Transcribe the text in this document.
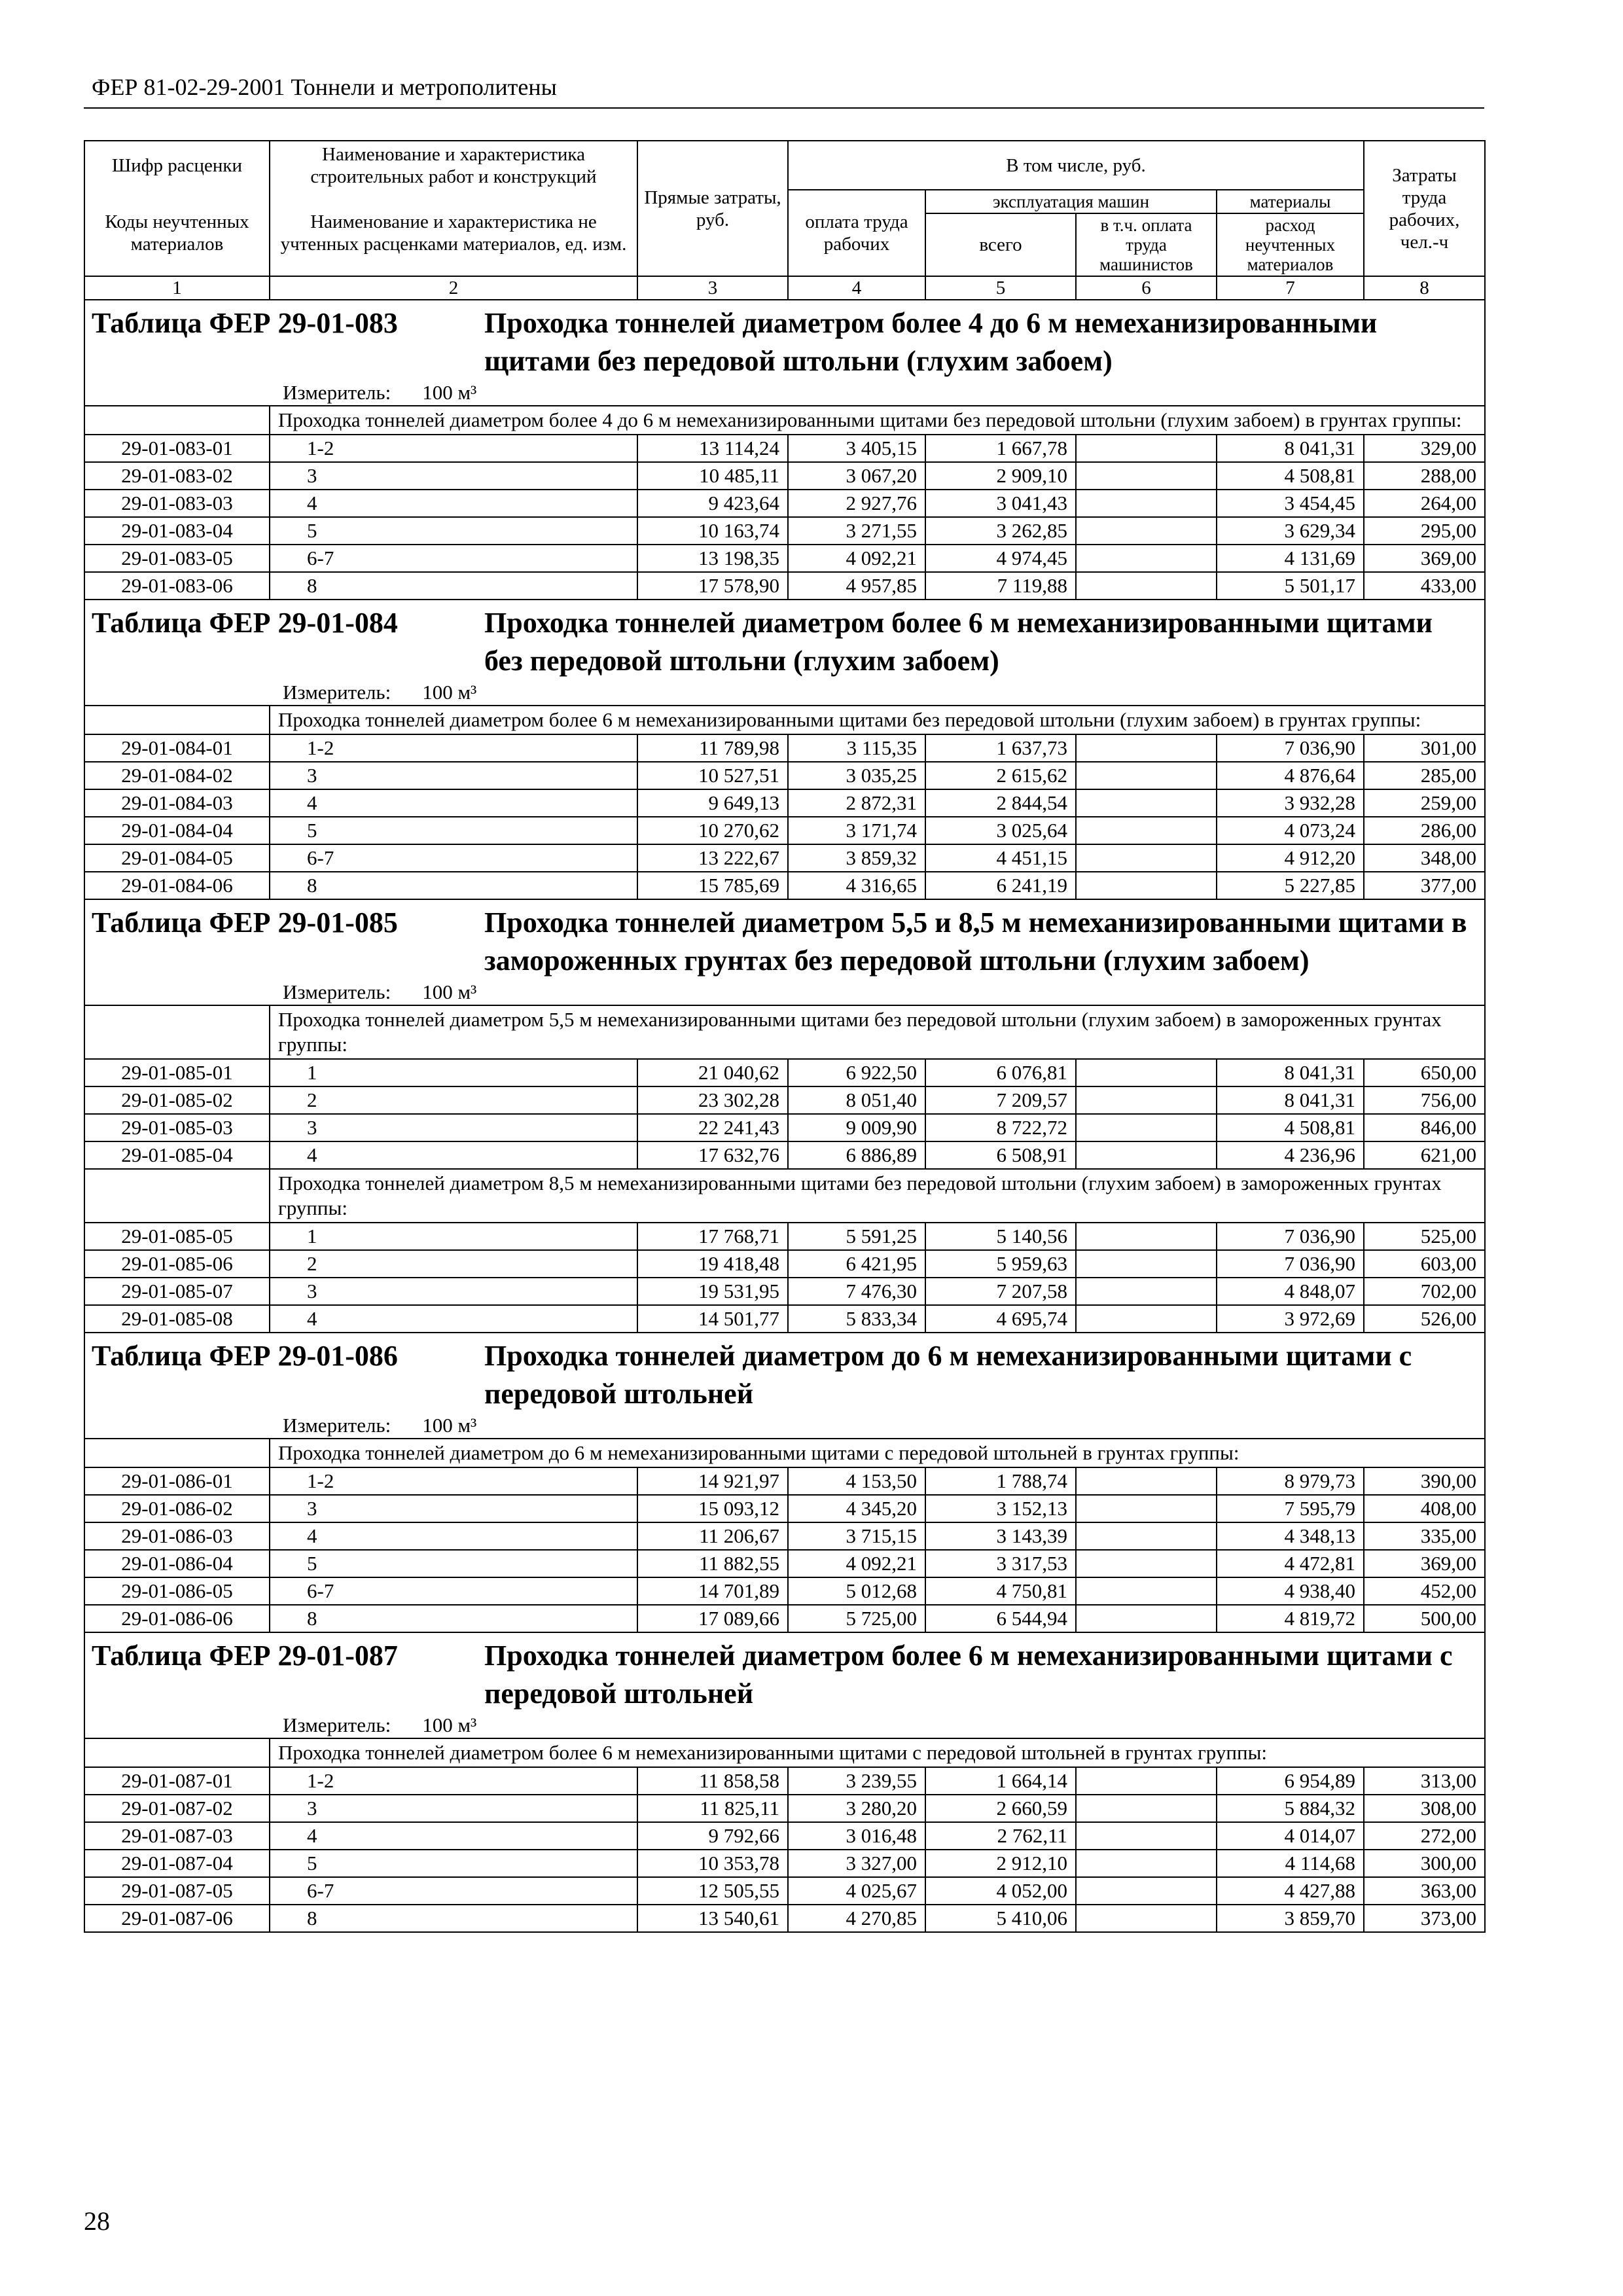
ФЕР 81-02-29-2001 Тоннели и метрополитены
Шифр расценки	Наименование и характеристика строительных работ и конструкций	Прямые затраты, руб.	В том числе, руб.				Затраты труда рабочих, чел.-ч

Коды неучтенных материалов	Наименование и характеристика не учтенных расценками материалов, ед. изм.		оплата труда рабочих	эксплуатация машин		материалы	
				всего	в т.ч. оплата труда машинистов	расход неучтенных материалов	

1	2	3	4	5	6	7	8

Таблица ФЕР 29-01-083 Проходка тоннелей диаметром более 4 до 6 м немеханизированными щитами без передовой штольни (глухим забоем)							

Измеритель: 100 м³							

	Проходка тоннелей диаметром более 4 до 6 м немеханизированными щитами без передовой штольни (глухим забоем) в грунтах группы:						
29-01-083-01	1-2	13 114,24	3 405,15	1 667,78		8 041,31	329,00
29-01-083-02	3	10 485,11	3 067,20	2 909,10		4 508,81	288,00
29-01-083-03	4	9 423,64	2 927,76	3 041,43		3 454,45	264,00
29-01-083-04	5	10 163,74	3 271,55	3 262,85		3 629,34	295,00
29-01-083-05	6-7	13 198,35	4 092,21	4 974,45		4 131,69	369,00
29-01-083-06	8	17 578,90	4 957,85	7 119,88		5 501,17	433,00

Таблица ФЕР 29-01-084 Проходка тоннелей диаметром более 6 м немеханизированными щитами без передовой штольни (глухим забоем)							

Измеритель: 100 м³							

	Проходка тоннелей диаметром более 6 м немеханизированными щитами без передовой штольни (глухим забоем) в грунтах группы:						
29-01-084-01	1-2	11 789,98	3 115,35	1 637,73		7 036,90	301,00
29-01-084-02	3	10 527,51	3 035,25	2 615,62		4 876,64	285,00
29-01-084-03	4	9 649,13	2 872,31	2 844,54		3 932,28	259,00
29-01-084-04	5	10 270,62	3 171,74	3 025,64		4 073,24	286,00
29-01-084-05	6-7	13 222,67	3 859,32	4 451,15		4 912,20	348,00
29-01-084-06	8	15 785,69	4 316,65	6 241,19		5 227,85	377,00

Таблица ФЕР 29-01-085 Проходка тоннелей диаметром 5,5 и 8,5 м немеханизированными щитами в замороженных грунтах без передовой штольни (глухим забоем)							

Измеритель: 100 м³							

	Проходка тоннелей диаметром 5,5 м немеханизированными щитами без передовой штольни (глухим забоем) в замороженных грунтах группы:						
29-01-085-01	1	21 040,62	6 922,50	6 076,81		8 041,31	650,00
29-01-085-02	2	23 302,28	8 051,40	7 209,57		8 041,31	756,00
29-01-085-03	3	22 241,43	9 009,90	8 722,72		4 508,81	846,00
29-01-085-04	4	17 632,76	6 886,89	6 508,91		4 236,96	621,00
	Проходка тоннелей диаметром 8,5 м немеханизированными щитами без передовой штольни (глухим забоем) в замороженных грунтах группы:						
29-01-085-05	1	17 768,71	5 591,25	5 140,56		7 036,90	525,00
29-01-085-06	2	19 418,48	6 421,95	5 959,63		7 036,90	603,00
29-01-085-07	3	19 531,95	7 476,30	7 207,58		4 848,07	702,00
29-01-085-08	4	14 501,77	5 833,34	4 695,74		3 972,69	526,00

Таблица ФЕР 29-01-086 Проходка тоннелей диаметром до 6 м немеханизированными щитами с передовой штольней							

Измеритель: 100 м³							

	Проходка тоннелей диаметром до 6 м немеханизированными щитами с передовой штольней в грунтах группы:						
29-01-086-01	1-2	14 921,97	4 153,50	1 788,74		8 979,73	390,00
29-01-086-02	3	15 093,12	4 345,20	3 152,13		7 595,79	408,00
29-01-086-03	4	11 206,67	3 715,15	3 143,39		4 348,13	335,00
29-01-086-04	5	11 882,55	4 092,21	3 317,53		4 472,81	369,00
29-01-086-05	6-7	14 701,89	5 012,68	4 750,81		4 938,40	452,00
29-01-086-06	8	17 089,66	5 725,00	6 544,94		4 819,72	500,00

Таблица ФЕР 29-01-087 Проходка тоннелей диаметром более 6 м немеханизированными щитами с передовой штольней							

Измеритель: 100 м³							

	Проходка тоннелей диаметром более 6 м немеханизированными щитами с передовой штольней в грунтах группы:						
29-01-087-01	1-2	11 858,58	3 239,55	1 664,14		6 954,89	313,00
29-01-087-02	3	11 825,11	3 280,20	2 660,59		5 884,32	308,00
29-01-087-03	4	9 792,66	3 016,48	2 762,11		4 014,07	272,00
29-01-087-04	5	10 353,78	3 327,00	2 912,10		4 114,68	300,00
29-01-087-05	6-7	12 505,55	4 025,67	4 052,00		4 427,88	363,00
29-01-087-06	8	13 540,61	4 270,85	5 410,06		3 859,70	373,00
28
